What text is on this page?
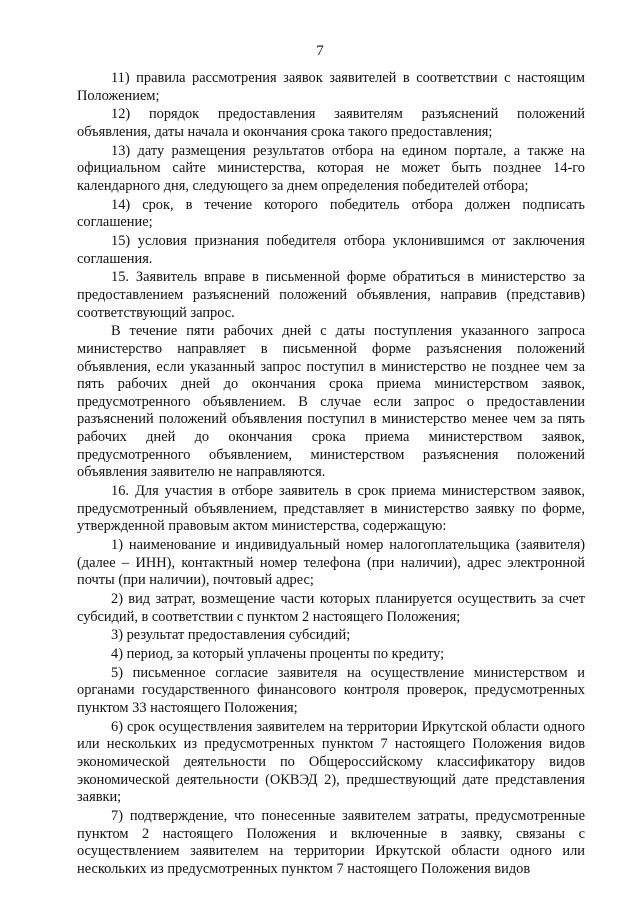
7

11) правила рассмотрения заявок заявителей в соответствии с настоящим Положением;

12) порядок предоставления заявителям разъяснений положений объявления, даты начала и окончания срока такого предоставления;

13) дату размещения результатов отбора на едином портале, а также на официальном сайте министерства, которая не может быть позднее 14-го календарного дня, следующего за днем определения победителей отбора;

14) срок, в течение которого победитель отбора должен подписать соглашение;

15) условия признания победителя отбора уклонившимся от заключения соглашения.

15. Заявитель вправе в письменной форме обратиться в министерство за предоставлением разъяснений положений объявления, направив (представив) соответствующий запрос.

В течение пяти рабочих дней с даты поступления указанного запроса министерство направляет в письменной форме разъяснения положений объявления, если указанный запрос поступил в министерство не позднее чем за пять рабочих дней до окончания срока приема министерством заявок, предусмотренного объявлением. В случае если запрос о предоставлении разъяснений положений объявления поступил в министерство менее чем за пять рабочих дней до окончания срока приема министерством заявок, предусмотренного объявлением, министерством разъяснения положений объявления заявителю не направляются.

16. Для участия в отборе заявитель в срок приема министерством заявок, предусмотренный объявлением, представляет в министерство заявку по форме, утвержденной правовым актом министерства, содержащую:

1) наименование и индивидуальный номер налогоплательщика (заявителя) (далее – ИНН), контактный номер телефона (при наличии), адрес электронной почты (при наличии), почтовый адрес;

2) вид затрат, возмещение части которых планируется осуществить за счет субсидий, в соответствии с пунктом 2 настоящего Положения;

3) результат предоставления субсидий;

4) период, за который уплачены проценты по кредиту;

5) письменное согласие заявителя на осуществление министерством и органами государственного финансового контроля проверок, предусмотренных пунктом 33 настоящего Положения;

6) срок осуществления заявителем на территории Иркутской области одного или нескольких из предусмотренных пунктом 7 настоящего Положения видов экономической деятельности по Общероссийскому классификатору видов экономической деятельности (ОКВЭД 2), предшествующий дате представления заявки;

7) подтверждение, что понесенные заявителем затраты, предусмотренные пунктом 2 настоящего Положения и включенные в заявку, связаны с осуществлением заявителем на территории Иркутской области одного или нескольких из предусмотренных пунктом 7 настоящего Положения видов
